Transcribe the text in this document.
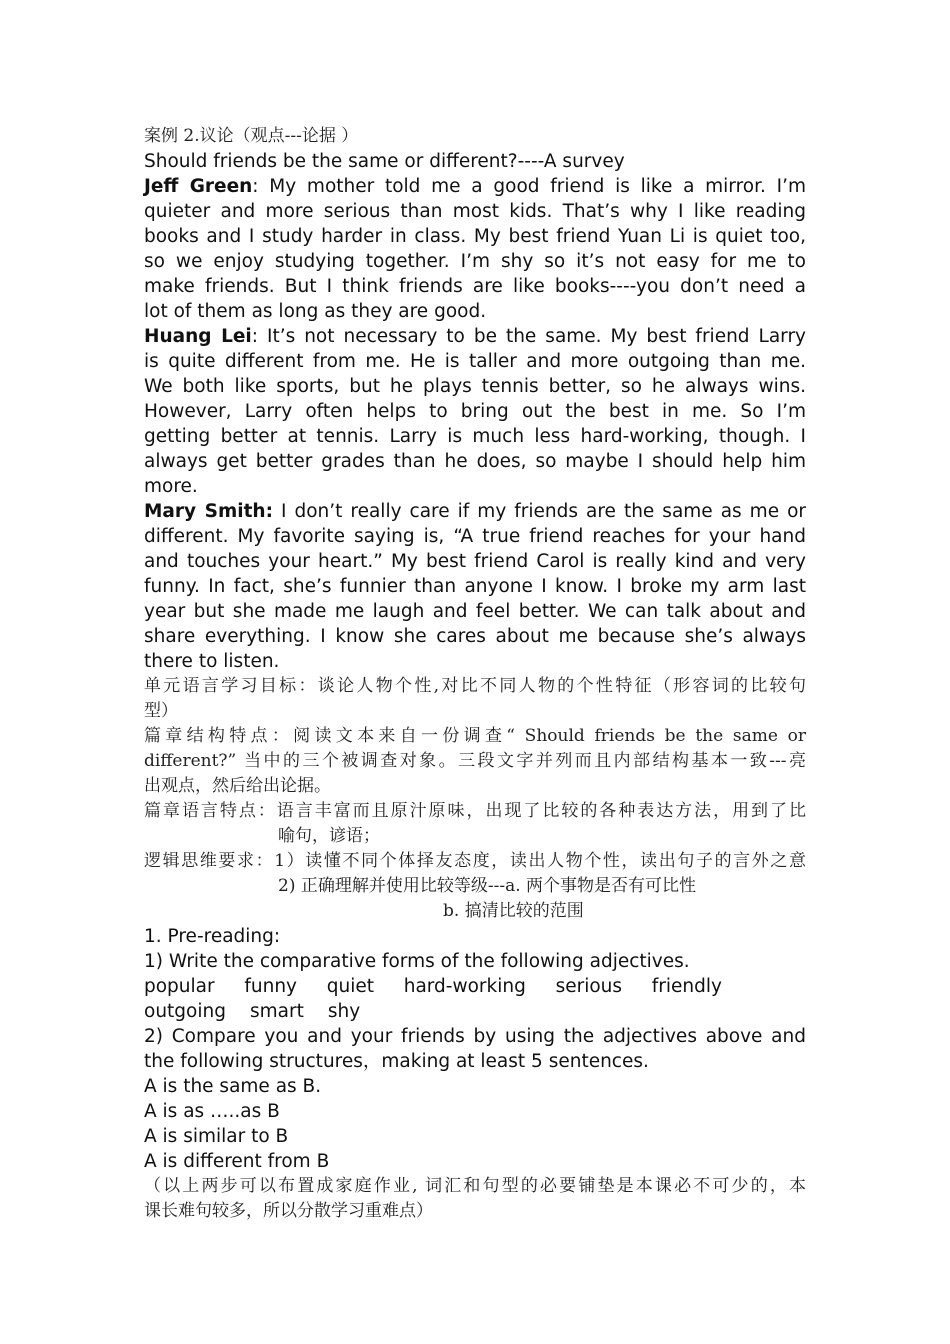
案例 2.议论（观点---论据 ）
Should friends be the same or different?----A survey
Jeff Green: My mother told me a good friend is like a mirror. I’m
quieter and more serious than most kids. That’s why I like reading
books and I study harder in class. My best friend Yuan Li is quiet too,
so we enjoy studying together. I’m shy so it’s not easy for me to
make friends. But I think friends are like books----you don’t need a
lot of them as long as they are good.
Huang Lei: It’s not necessary to be the same. My best friend Larry
is quite different from me. He is taller and more outgoing than me.
We both like sports, but he plays tennis better, so he always wins.
However, Larry often helps to bring out the best in me. So I’m
getting better at tennis. Larry is much less hard-working, though. I
always get better grades than he does, so maybe I should help him
more.
Mary Smith: I don’t really care if my friends are the same as me or
different. My favorite saying is, “A true friend reaches for your hand
and touches your heart.” My best friend Carol is really kind and very
funny. In fact, she’s funnier than anyone I know. I broke my arm last
year but she made me laugh and feel better. We can talk about and
share everything. I know she cares about me because she’s always
there to listen.
单元语言学习目标：谈论人物个性,对比不同人物的个性特征（形容词的比较句
型）
篇章结构特点：阅读文本来自一份调查“ Should friends be the same or
different?” 当中的三个被调查对象。三段文字并列而且内部结构基本一致---亮
出观点，然后给出论据。
篇章语言特点：语言丰富而且原汁原味，出现了比较的各种表达方法，用到了比
喻句，谚语；
逻辑思维要求：1）读懂不同个体择友态度，读出人物个性，读出句子的言外之意
2) 正确理解并使用比较等级---a. 两个事物是否有可比性
b. 搞清比较的范围
1. Pre-reading:
1) Write the comparative forms of the following adjectives.
popular funny quiet hard-working serious friendly
outgoing smart shy
2) Compare you and your friends by using the adjectives above and
the following structures，making at least 5 sentences.
A is the same as B.
A is as …..as B
A is similar to B
A is different from B
（以上两步可以布置成家庭作业, 词汇和句型的必要铺垫是本课必不可少的，本
课长难句较多，所以分散学习重难点）
